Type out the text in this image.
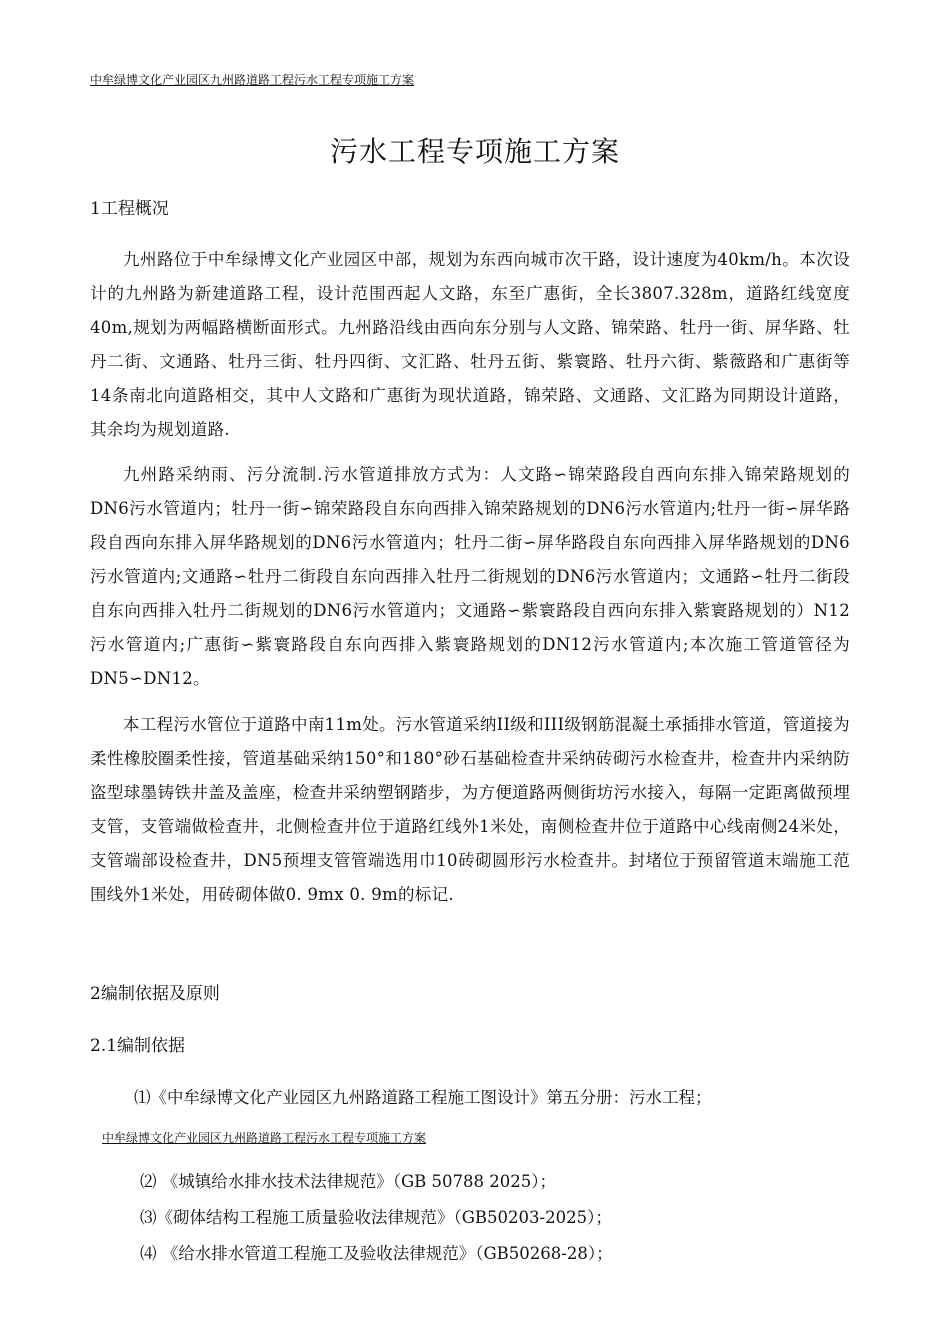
中牟绿博文化产业园区九州路道路工程污水工程专项施工方案
污水工程专项施工方案
1工程概况
九州路位于中牟绿博文化产业园区中部，规划为东西向城市次干路，设计速度为40km/h。本次设计的九州路为新建道路工程，设计范围西起人文路，东至广惠街，全长3807.328m，道路红线宽度40m,规划为两幅路横断面形式。九州路沿线由西向东分别与人文路、锦荣路、牡丹一街、屏华路、牡丹二街、文通路、牡丹三街、牡丹四街、文汇路、牡丹五街、紫寰路、牡丹六街、紫薇路和广惠街等14条南北向道路相交，其中人文路和广惠街为现状道路，锦荣路、文通路、文汇路为同期设计道路，其余均为规划道路.
九州路采纳雨、污分流制.污水管道排放方式为：人文路∽锦荣路段自西向东排入锦荣路规划的DN6污水管道内；牡丹一街∽锦荣路段自东向西排入锦荣路规划的DN6污水管道内;牡丹一街∽屏华路段自西向东排入屏华路规划的DN6污水管道内；牡丹二街∽屏华路段自东向西排入屏华路规划的DN6污水管道内;文通路∽牡丹二街段自东向西排入牡丹二街规划的DN6污水管道内；文通路∽牡丹二街段自东向西排入牡丹二街规划的DN6污水管道内；文通路∽紫寰路段自西向东排入紫寰路规划的）N12污水管道内;广惠街∽紫寰路段自东向西排入紫寰路规划的DN12污水管道内;本次施工管道管径为DN5∽DN12。
本工程污水管位于道路中南11m处。污水管道采纳II级和III级钢筋混凝土承插排水管道，管道接为柔性橡胶圈柔性接，管道基础采纳150°和180°砂石基础检查井采纳砖砌污水检查井，检查井内采纳防盗型球墨铸铁井盖及盖座，检查井采纳塑钢踏步，为方便道路两侧街坊污水接入，每隔一定距离做预埋支管，支管端做检查井，北侧检查井位于道路红线外1米处，南侧检查井位于道路中心线南侧24米处，支管端部设检查井，DN5预埋支管管端选用巾10砖砌圆形污水检查井。封堵位于预留管道末端施工范围线外1米处，用砖砌体做0. 9mx 0. 9m的标记.
2编制依据及原则
2.1编制依据
⑴《中牟绿博文化产业园区九州路道路工程施工图设计》第五分册：污水工程；
中牟绿博文化产业园区九州路道路工程污水工程专项施工方案
⑵ 《城镇给水排水技术法律规范》（GB 50788 2025）；
⑶《砌体结构工程施工质量验收法律规范》（GB50203-2025）；
⑷ 《给水排水管道工程施工及验收法律规范》（GB50268-28）；
